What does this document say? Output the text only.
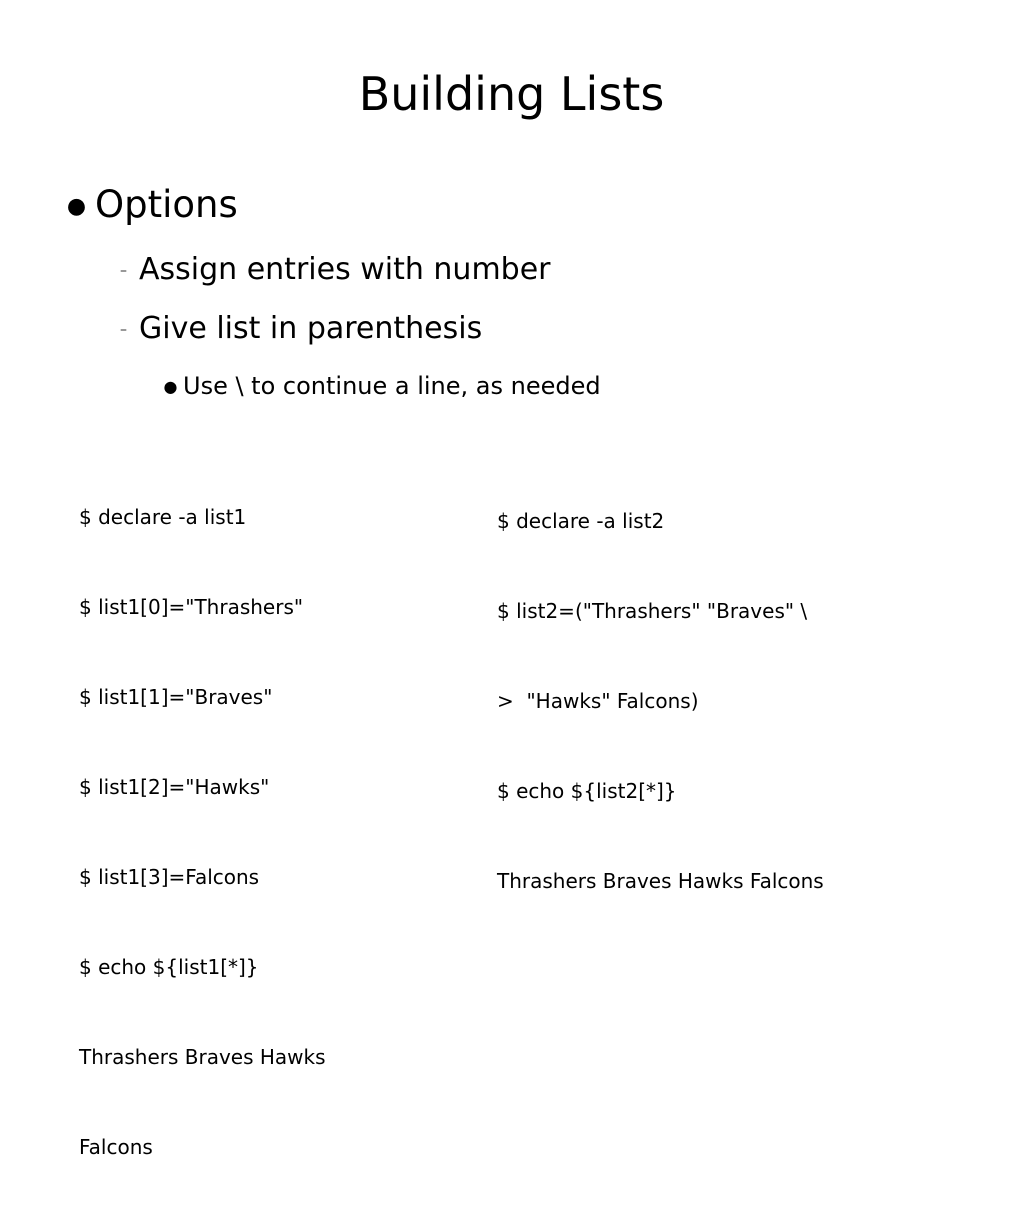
Building Lists
● Options
– Assign entries with number
– Give list in parenthesis
● Use \ to continue a line, as needed

$ declare -a list1

$ list1[0]="Thrashers"

$ list1[1]="Braves"

$ list1[2]="Hawks"

$ list1[3]=Falcons

$ echo ${list1[*]}

Thrashers Braves Hawks

Falcons

$ declare -a list2

$ list2=("Thrashers" "Braves" \

>  "Hawks" Falcons)

$ echo ${list2[*]}

Thrashers Braves Hawks Falcons
